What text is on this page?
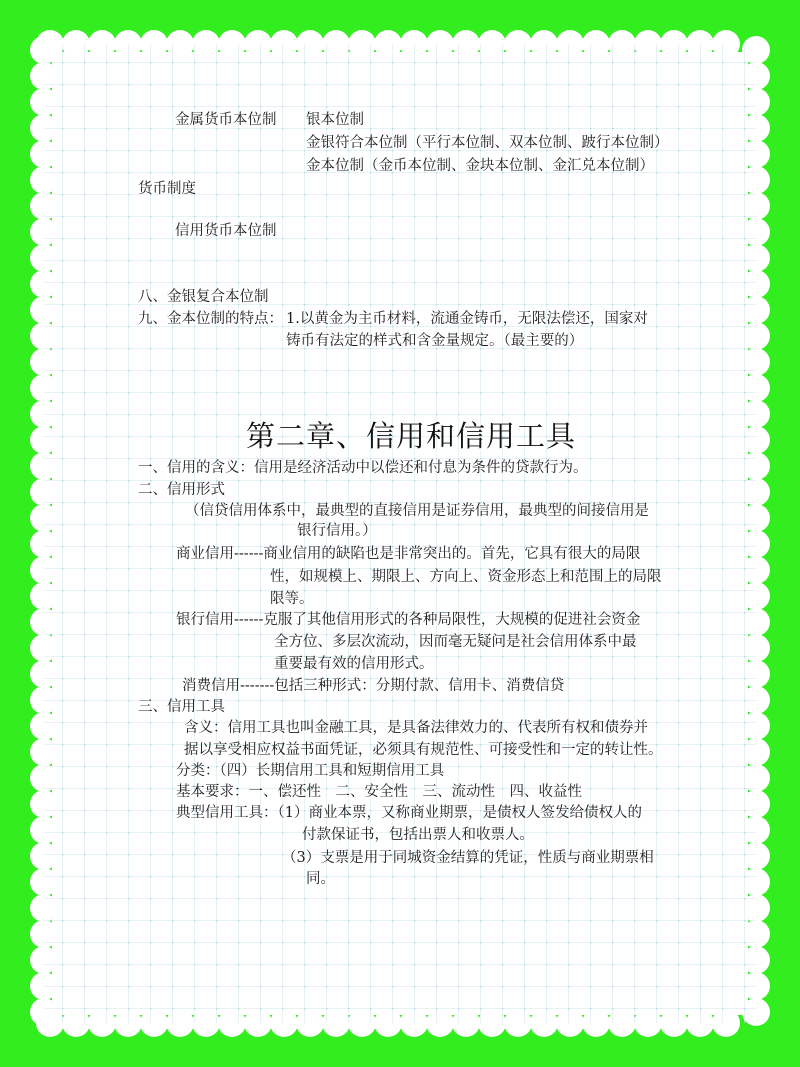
金属货币本位制 银本位制
金银符合本位制（平行本位制、双本位制、跛行本位制）
金本位制（金币本位制、金块本位制、金汇兑本位制）
货币制度
信用货币本位制
八、金银复合本位制
九、金本位制的特点： 1.以黄金为主币材料，流通金铸币，无限法偿还，国家对
铸币有法定的样式和含金量规定。（最主要的）
第二章、信用和信用工具
一、信用的含义：信用是经济活动中以偿还和付息为条件的贷款行为。
二、信用形式
（信贷信用体系中，最典型的直接信用是证券信用，最典型的间接信用是
银行信用。）
商业信用------商业信用的缺陷也是非常突出的。首先，它具有很大的局限
性，如规模上、期限上、方向上、资金形态上和范围上的局限
限等。
银行信用------克服了其他信用形式的各种局限性，大规模的促进社会资金
全方位、多层次流动，因而毫无疑问是社会信用体系中最
重要最有效的信用形式。
消费信用-------包括三种形式：分期付款、信用卡、消费信贷
三、信用工具
含义：信用工具也叫金融工具，是具备法律效力的、代表所有权和债券并
据以享受相应权益书面凭证，必须具有规范性、可接受性和一定的转让性。
分类：（四）长期信用工具和短期信用工具
基本要求：一、偿还性　二、安全性　三、流动性　四、收益性
典型信用工具：（1）商业本票，又称商业期票，是债权人签发给债权人的
付款保证书，包括出票人和收票人。
（3）支票是用于同城资金结算的凭证，性质与商业期票相
同。
